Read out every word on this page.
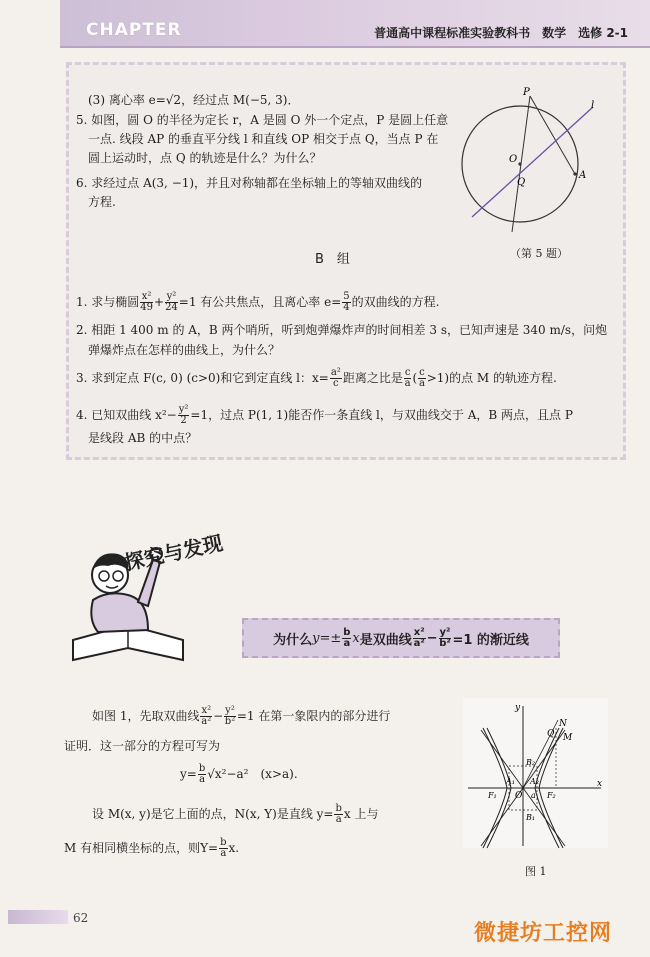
CHAPTER	普通高中课程标准实验教科书　数学　选修 2-1
(3) 离心率 e=√2，经过点 M(−5, 3)．
5. 如图，圆 O 的半径为定长 r，A 是圆 O 外一个定点，P 是圆上任意
一点. 线段 AP 的垂直平分线 l 和直线 OP 相交于点 Q，当点 P 在
圆上运动时，点 Q 的轨迹是什么？为什么？
6. 求经过点 A(3, −1)，并且对称轴都在坐标轴上的等轴双曲线的
方程.
P
l
O
Q
A
（第 5 题）
B　组
1. 求与椭圆 $\frac{\text{x²}}{49} + \frac{\text{y²}}{24} =1$ 有公共焦点，且离心率 $e= \frac{5}{4}$ 的双曲线的方程.
2. 相距 1 400 m 的 A，B 两个哨所，听到炮弹爆炸声的时间相差 3 s，已知声速是 340 m/s，问炮
弹爆炸点在怎样的曲线上，为什么？
3. 求到定点 F(c, 0) (c>0)和它到定直线 l：$x= \frac{\text{a²}}{c}$ 距离之比是 $\frac{c}{a}$ ( $\frac{c}{a} >1$)的点 M 的轨迹方程.
4. 已知双曲线 $x^2- \frac{\text{y²}}{2} =1$，过点 P(1, 1)能否作一条直线 l，与双曲线交于 A，B 两点，且点 P
是线段 AB 的中点？
探究与发现
为什么 $y=\pm \frac{b}{a}$ x 是双曲线 $\frac{\text{x²}}{\text{a²}} - \frac{\text{y²}}{\text{b²}} =1$ 的渐近线
如图 1，先取双曲线 $\frac{\text{x²}}{\text{a²}} - \frac{\text{y²}}{\text{b²}} =1$ 在第一象限内的部分进行
证明．这一部分的方程可写为
$y= \frac{b}{a} √x^2-a^2$　(x>a).
设 M(x, y)是它上面的点，N(x, Y)是直线 $y= \frac{b}{a}$ x 上与
M 有相同横坐标的点，则$Y= \frac{b}{a} x$.
y
x
O
N
M
Q
B₂
B₁
A₁ A₂
F₁	F₂
a
图 1
62
微捷坊工控网
